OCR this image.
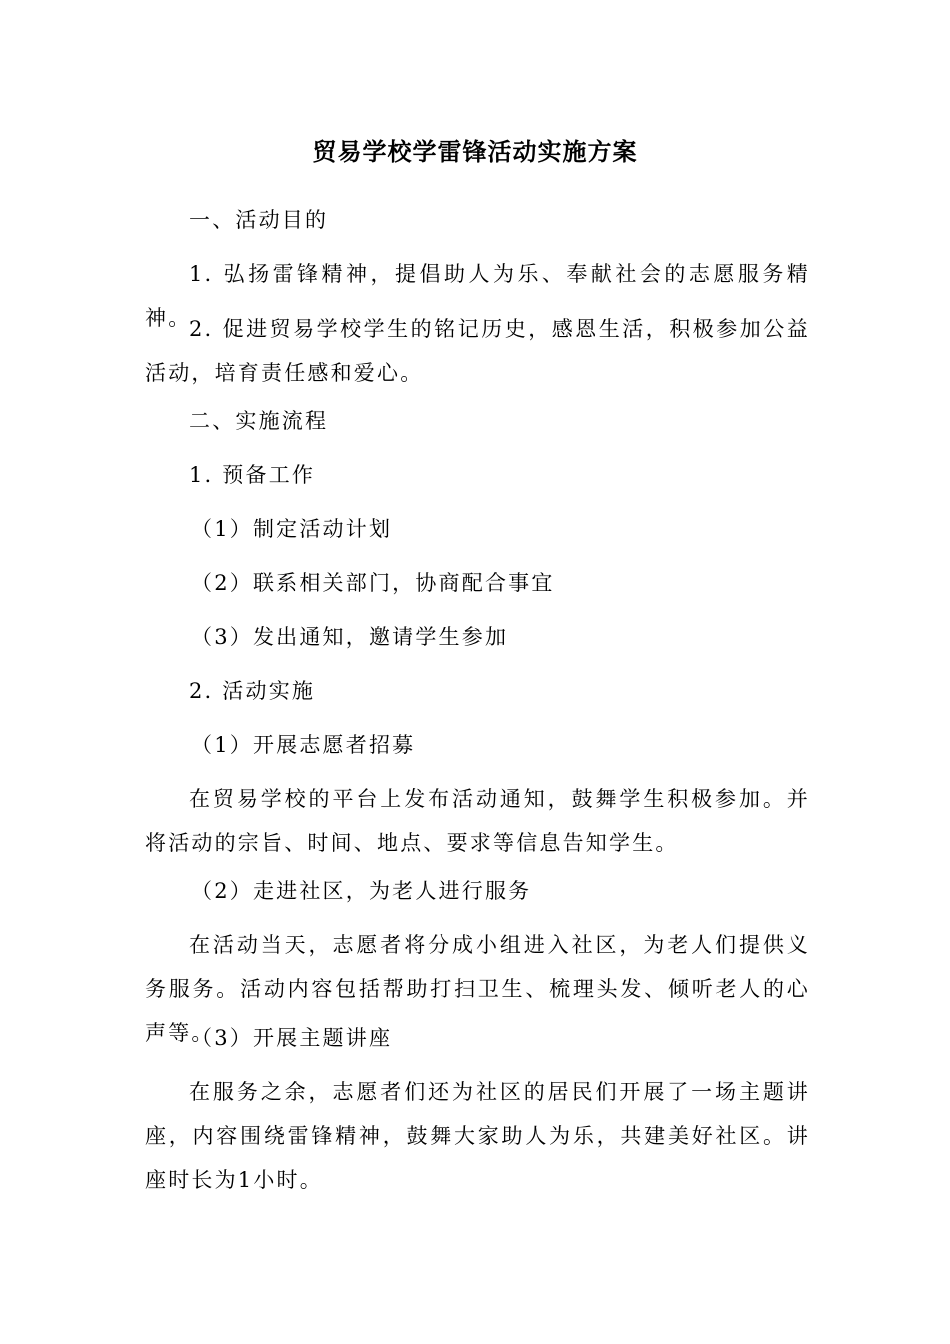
贸易学校学雷锋活动实施方案

一、活动目的

1. 弘扬雷锋精神，提倡助人为乐、奉献社会的志愿服务精神。

2. 促进贸易学校学生的铭记历史，感恩生活，积极参加公益活动，培育责任感和爱心。

二、实施流程

1. 预备工作

（1）制定活动计划

（2）联系相关部门，协商配合事宜

（3）发出通知，邀请学生参加

2. 活动实施

（1）开展志愿者招募

在贸易学校的平台上发布活动通知，鼓舞学生积极参加。并将活动的宗旨、时间、地点、要求等信息告知学生。

（2）走进社区，为老人进行服务

在活动当天，志愿者将分成小组进入社区，为老人们提供义务服务。活动内容包括帮助打扫卫生、梳理头发、倾听老人的心声等。

（3）开展主题讲座

在服务之余，志愿者们还为社区的居民们开展了一场主题讲座，内容围绕雷锋精神，鼓舞大家助人为乐，共建美好社区。讲座时长为1小时。
